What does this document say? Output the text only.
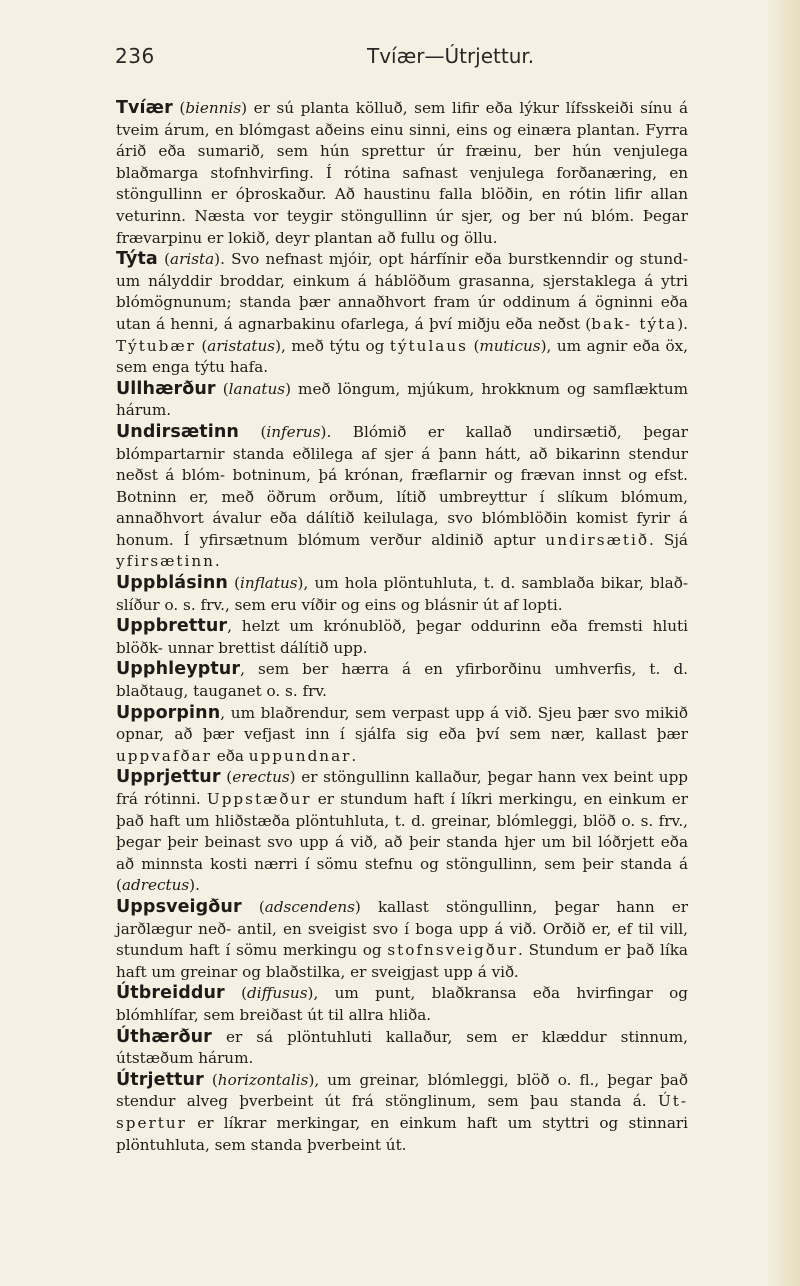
236	Tvíær—Útrjettur.

Tvíær (biennis) er sú planta kölluð, sem lifir eða lýkur lífsskeiði sínu á tveim árum, en blómgast aðeins einu sinni, eins og einæra plantan. Fyrra árið eða sumarið, sem hún sprettur úr fræinu, ber hún venjulega blaðmarga stofnhvirfing. Í rótina safnast venjulega forðanæring, en stöngullinn er óþroskaður. Að haustinu falla blöðin, en rótin lifir allan veturinn. Næsta vor teygir stöngullinn úr sjer, og ber nú blóm. Þegar frævarpinu er lokið, deyr plantan að fullu og öllu.

Týta (arista). Svo nefnast mjóir, opt hárfínir eða burstkenndir og stund- um nályddir broddar, einkum á háblöðum grasanna, sjerstaklega á ytri blómögnunum; standa þær annaðhvort fram úr oddinum á ögninni eða utan á henni, á agnarbakinu ofarlega, á því miðju eða neðst (bak- týta). Týtubær (aristatus), með týtu og týtulaus (muticus), um agnir eða öx, sem enga týtu hafa.

Ullhærður (lanatus) með löngum, mjúkum, hrokknum og samflæktum hárum.

Undirsætinn (inferus). Blómið er kallað undirsætið, þegar blómpartarnir standa eðlilega af sjer á þann hátt, að bikarinn stendur neðst á blóm- botninum, þá krónan, fræflarnir og frævan innst og efst. Botninn er, með öðrum orðum, lítið umbreyttur í slíkum blómum, annaðhvort ávalur eða dálítið keilulaga, svo blómblöðin komist fyrir á honum. Í yfirsætnum blómum verður aldinið aptur undirsætið. Sjá yfirsætinn.

Uppblásinn (inflatus), um hola plöntuhluta, t. d. samblaða bikar, blað- slíður o. s. frv., sem eru víðir og eins og blásnir út af lopti.

Uppbrettur, helzt um krónublöð, þegar oddurinn eða fremsti hluti blöðk- unnar brettist dálítið upp.

Upphleyptur, sem ber hærra á en yfirborðinu umhverfis, t. d. blaðtaug, tauganet o. s. frv.

Upporpinn, um blaðrendur, sem verpast upp á við. Sjeu þær svo mikið opnar, að þær vefjast inn í sjálfa sig eða því sem nær, kallast þær uppvafðar eða uppundnar.

Upprjettur (erectus) er stöngullinn kallaður, þegar hann vex beint upp frá rótinni. Uppstæður er stundum haft í líkri merkingu, en einkum er það haft um hliðstæða plöntuhluta, t. d. greinar, blómleggi, blöð o. s. frv., þegar þeir beinast svo upp á við, að þeir standa hjer um bil lóðrjett eða að minnsta kosti nærri í sömu stefnu og stöngullinn, sem þeir standa á (adrectus).

Uppsveigður (adscendens) kallast stöngullinn, þegar hann er jarðlægur neð- antil, en sveigist svo í boga upp á við. Orðið er, ef til vill, stundum haft í sömu merkingu og stofnsveigður. Stundum er það líka haft um greinar og blaðstilka, er sveigjast upp á við.

Útbreiddur (diffusus), um punt, blaðkransa eða hvirfingar og blómhlífar, sem breiðast út til allra hliða.

Úthærður er sá plöntuhluti kallaður, sem er klæddur stinnum, útstæðum hárum.

Útrjettur (horizontalis), um greinar, blómleggi, blöð o. fl., þegar það stendur alveg þverbeint út frá stönglinum, sem þau standa á. Út- spertur er líkrar merkingar, en einkum haft um styttri og stinnari plöntuhluta, sem standa þverbeint út.
